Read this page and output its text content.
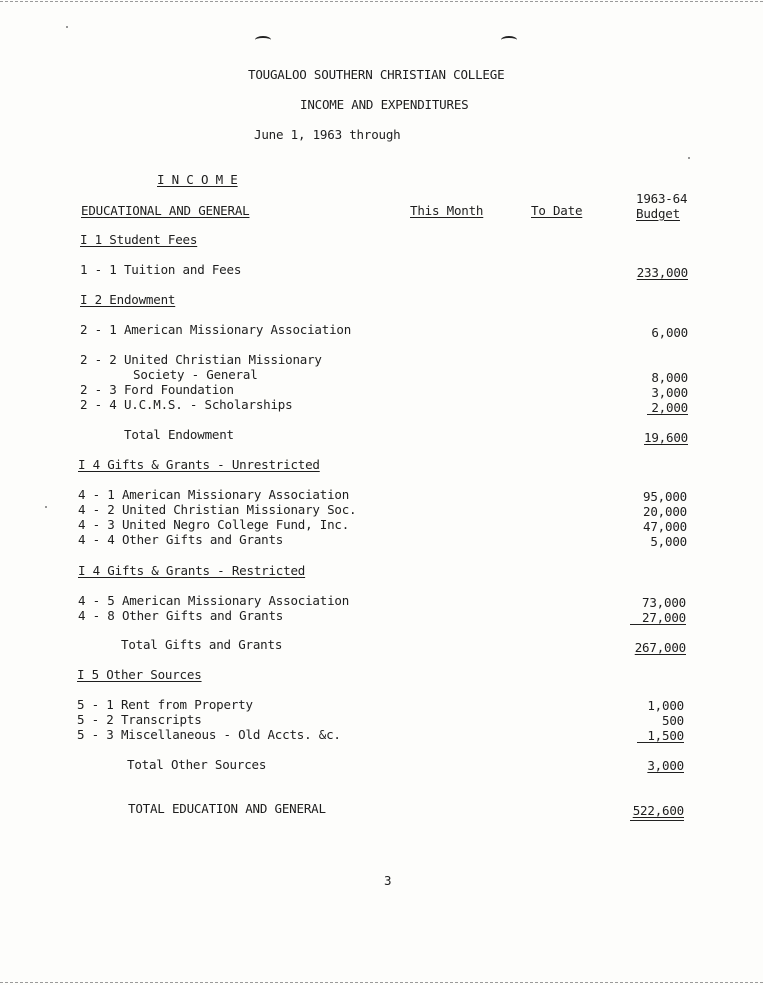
TOUGALOO SOUTHERN CHRISTIAN COLLEGE
INCOME AND EXPENDITURES
June 1, 1963 through
I N C O M E
EDUCATIONAL AND GENERAL	This Month	To Date
1963-64
Budget
I 1 Student Fees
1 - 1 Tuition and Fees	233,000
I 2 Endowment
2 - 1 American Missionary Association	6,000
2 - 2 United Christian Missionary
Society - General	8,000
2 - 3 Ford Foundation	3,000
2 - 4 U.C.M.S. - Scholarships	2,000
Total Endowment	19,600
I 4 Gifts & Grants - Unrestricted
4 - 1 American Missionary Association	95,000
4 - 2 United Christian Missionary Soc.	20,000
4 - 3 United Negro College Fund, Inc.	47,000
4 - 4 Other Gifts and Grants	5,000
I 4 Gifts & Grants - Restricted
4 - 5 American Missionary Association	73,000
4 - 8 Other Gifts and Grants	27,000
Total Gifts and Grants	267,000
I 5 Other Sources
5 - 1 Rent from Property	1,000
5 - 2 Transcripts	500
5 - 3 Miscellaneous - Old Accts. &c.	1,500
Total Other Sources	3,000
TOTAL EDUCATION AND GENERAL	522,600
3
